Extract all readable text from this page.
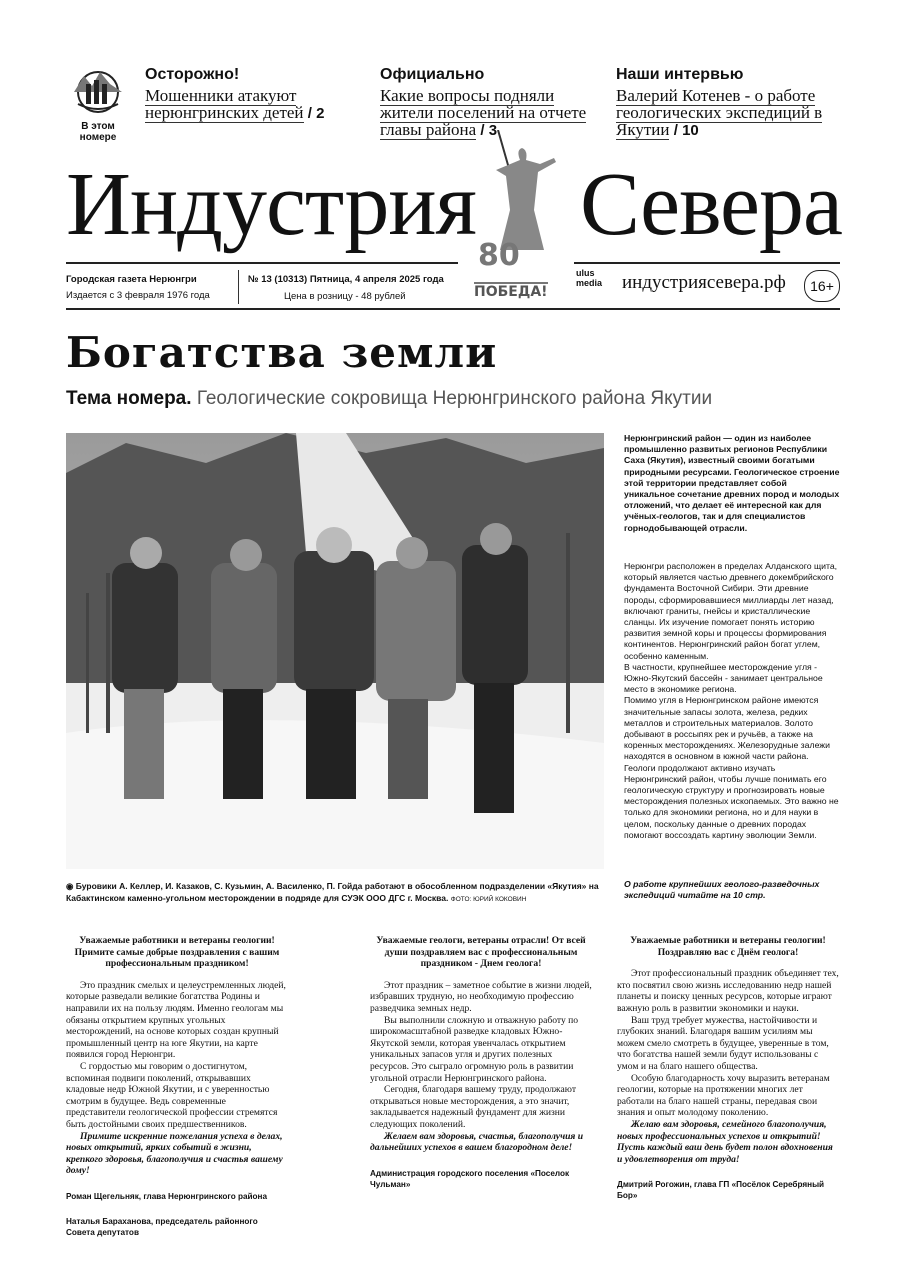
В этом номере
Осторожно!
Мошенники атакуют нерюнгринских детей / 2
Официально
Какие вопросы подняли жители поселений на отчете главы района / 3
Наши интервью
Валерий Котенев - о работе геологических экспедиций в Якутии / 10
Индустрия Севера
80
ПОБЕДА!
Городская газета Нерюнгри
Издается с 3 февраля 1976 года
№ 13 (10313) Пятница, 4 апреля 2025 года
Цена в розницу - 48 рублей
ulus media	индустриясевера.рф	16+
Богатства земли
Тема номера. Геологические сокровища Нерюнгринского района Якутии
Нерюнгринский район — один из наиболее промышленно развитых регионов Республики Саха (Якутия), известный своими богатыми природными ресурсами. Геологическое строение этой территории представляет собой уникальное сочетание древних пород и молодых отложений, что делает её интересной как для учёных-геологов, так и для специалистов горнодобывающей отрасли.
Нерюнгри расположен в пределах Алданского щита, который является частью древнего докембрийского фундамента Восточной Сибири. Эти древние породы, сформировавшиеся миллиарды лет назад, включают граниты, гнейсы и кристаллические сланцы. Их изучение помогает понять историю развития земной коры и процессы формирования континентов. Нерюнгринский район богат углем, особенно каменным.
В частности, крупнейшее месторождение угля - Южно-Якутский бассейн - занимает центральное место в экономике региона.
Помимо угля в Нерюнгринском районе имеются значительные запасы золота, железа, редких металлов и строительных материалов. Золото добывают в россыпях рек и ручьёв, а также на коренных месторождениях. Железорудные залежи находятся в основном в южной части района.
Геологи продолжают активно изучать Нерюнгринский район, чтобы лучше понимать его геологическую структуру и прогнозировать новые месторождения полезных ископаемых. Это важно не только для экономики региона, но и для науки в целом, поскольку данные о древних породах помогают воссоздать картину эволюции Земли.
О работе крупнейших геолого-разведочных экспедиций читайте на 10 стр.
◉ Буровики А. Келлер, И. Казаков, С. Кузьмин, А. Василенко, П. Гойда работают в обособленном подразделении «Якутия» на Кабактинском каменно-угольном месторождении в подряде для СУЭК ООО ДГС г. Москва. ФОТО: ЮРИЙ КОКОВИН
Уважаемые работники и ветераны геологии! Примите самые добрые поздравления с вашим профессиональным праздником!

Это праздник смелых и целеустремленных людей, которые разведали великие богатства Родины и направили их на пользу людям. Именно геологам мы обязаны открытием крупных угольных месторождений, на основе которых создан крупный промышленный центр на юге Якутии, на карте появился город Нерюнгри.

С гордостью мы говорим о достигнутом, вспоминая подвиги поколений, открывавших кладовые недр Южной Якутии, и с уверенностью смотрим в будущее. Ведь современные представители геологической профессии стремятся быть достойными своих предшественников.

Примите искренние пожелания успеха в делах, новых открытий, ярких событий в жизни, крепкого здоровья, благополучия и счастья вашему дому!

Роман Щегельняк, глава Нерюнгринского района
Наталья Бараханова, председатель районного Совета депутатов
Уважаемые геологи, ветераны отрасли! От всей души поздравляем вас с профессиональным праздником - Днем геолога!

Этот праздник – заметное событие в жизни людей, избравших трудную, но необходимую профессию разведчика земных недр.

Вы выполнили сложную и отважную работу по широкомасштабной разведке кладовых Южно-Якутской земли, которая увенчалась открытием уникальных запасов угля и других полезных ресурсов. Это сыграло огромную роль в развитии угольной отрасли Нерюнгринского района.

Сегодня, благодаря вашему труду, продолжают открываться новые месторождения, а это значит, закладывается надежный фундамент для жизни следующих поколений.

Желаем вам здоровья, счастья, благополучия и дальнейших успехов в вашем благородном деле!

Администрация городского поселения «Поселок Чульман»
Уважаемые работники и ветераны геологии! Поздравляю вас с Днём геолога!

Этот профессиональный праздник объединяет тех, кто посвятил свою жизнь исследованию недр нашей планеты и поиску ценных ресурсов, которые играют важную роль в развитии экономики и науки.

Ваш труд требует мужества, настойчивости и глубоких знаний. Благодаря вашим усилиям мы можем смело смотреть в будущее, уверенные в том, что богатства нашей земли будут использованы с умом и на благо нашего общества.

Особую благодарность хочу выразить ветеранам геологии, которые на протяжении многих лет работали на благо нашей страны, передавая свои знания и опыт молодому поколению.

Желаю вам здоровья, семейного благополучия, новых профессиональных успехов и открытий! Пусть каждый ваш день будет полон вдохновения и удовлетворения от труда!

Дмитрий Рогожин, глава ГП «Посёлок Серебряный Бор»
